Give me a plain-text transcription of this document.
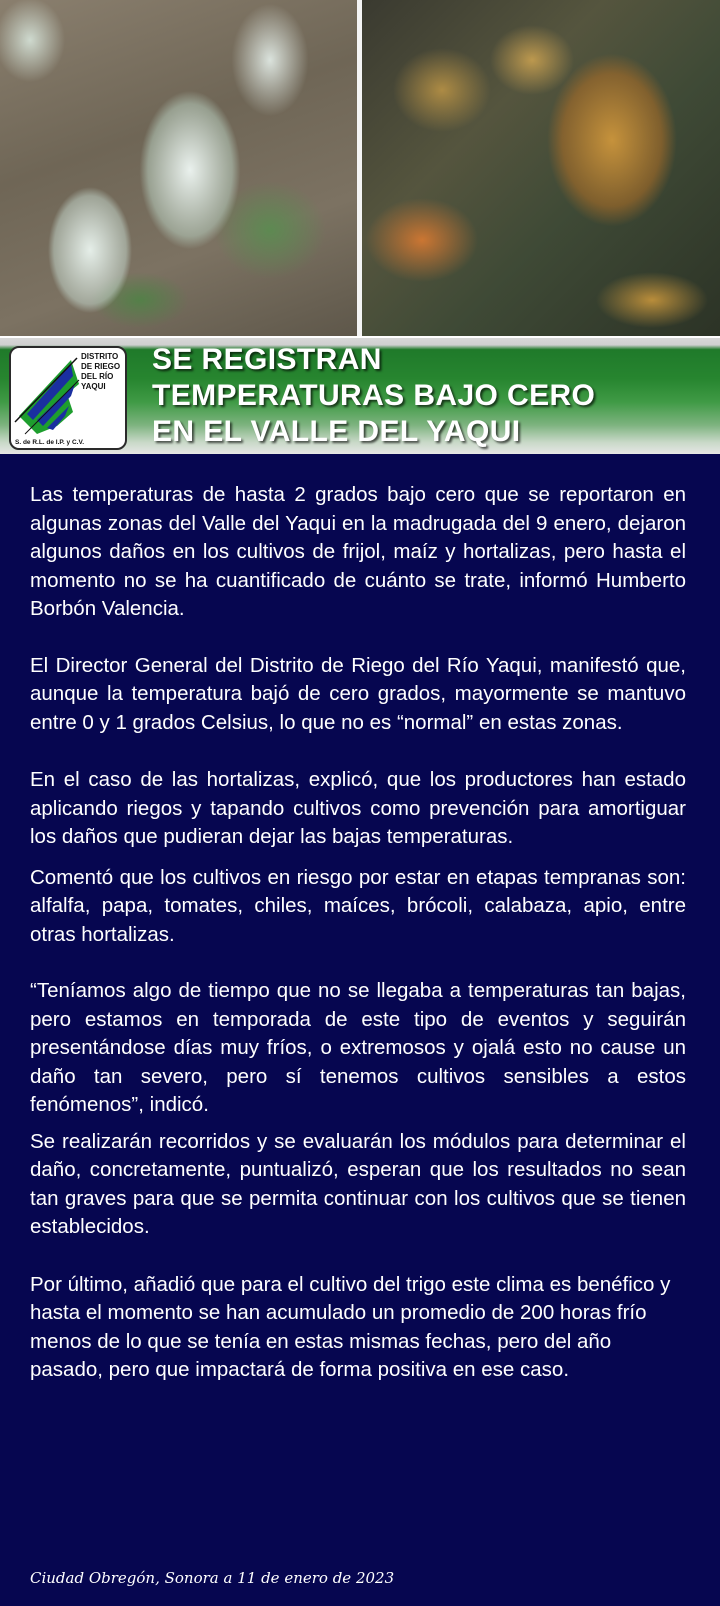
DISTRITO
DE RIEGO
DEL RÍO
YAQUI
S. de R.L. de I.P. y C.V.
SE REGISTRAN
TEMPERATURAS BAJO CERO
EN EL VALLE DEL YAQUI

Las temperaturas de hasta 2 grados bajo cero que se reportaron en algunas zonas del Valle del Yaqui en la madrugada del 9 enero, dejaron algunos daños en los cultivos de frijol, maíz y hortalizas, pero hasta el momento no se ha cuantificado de cuánto se trate, informó Humberto Borbón Valencia.

El Director General del Distrito de Riego del Río Yaqui, manifestó que, aunque la temperatura bajó de cero grados, mayormente se mantuvo entre 0 y 1 grados Celsius, lo que no es “normal” en estas zonas.

En el caso de las hortalizas, explicó, que los productores han estado aplicando riegos y tapando cultivos como prevención para amortiguar los daños que pudieran dejar las bajas temperaturas.

Comentó que los cultivos en riesgo por estar en etapas tempranas son: alfalfa, papa, tomates, chiles, maíces, brócoli, calabaza, apio, entre otras hortalizas.

“Teníamos algo de tiempo que no se llegaba a temperaturas tan bajas, pero estamos en temporada de este tipo de eventos y seguirán presentándose días muy fríos, o extremosos y ojalá esto no cause un daño tan severo, pero sí tenemos cultivos sensibles a estos fenómenos”, indicó.

Se realizarán recorridos y se evaluarán los módulos para determinar el daño, concretamente, puntualizó, esperan que los resultados no sean tan graves para que se permita continuar con los cultivos que se tienen establecidos.

Por último, añadió que para el cultivo del trigo este clima es benéfico y hasta el momento se han acumulado un promedio de 200 horas frío menos de lo que se tenía en estas mismas fechas, pero del año pasado, pero que impactará de forma positiva en ese caso.

Ciudad Obregón, Sonora a 11 de enero de 2023
